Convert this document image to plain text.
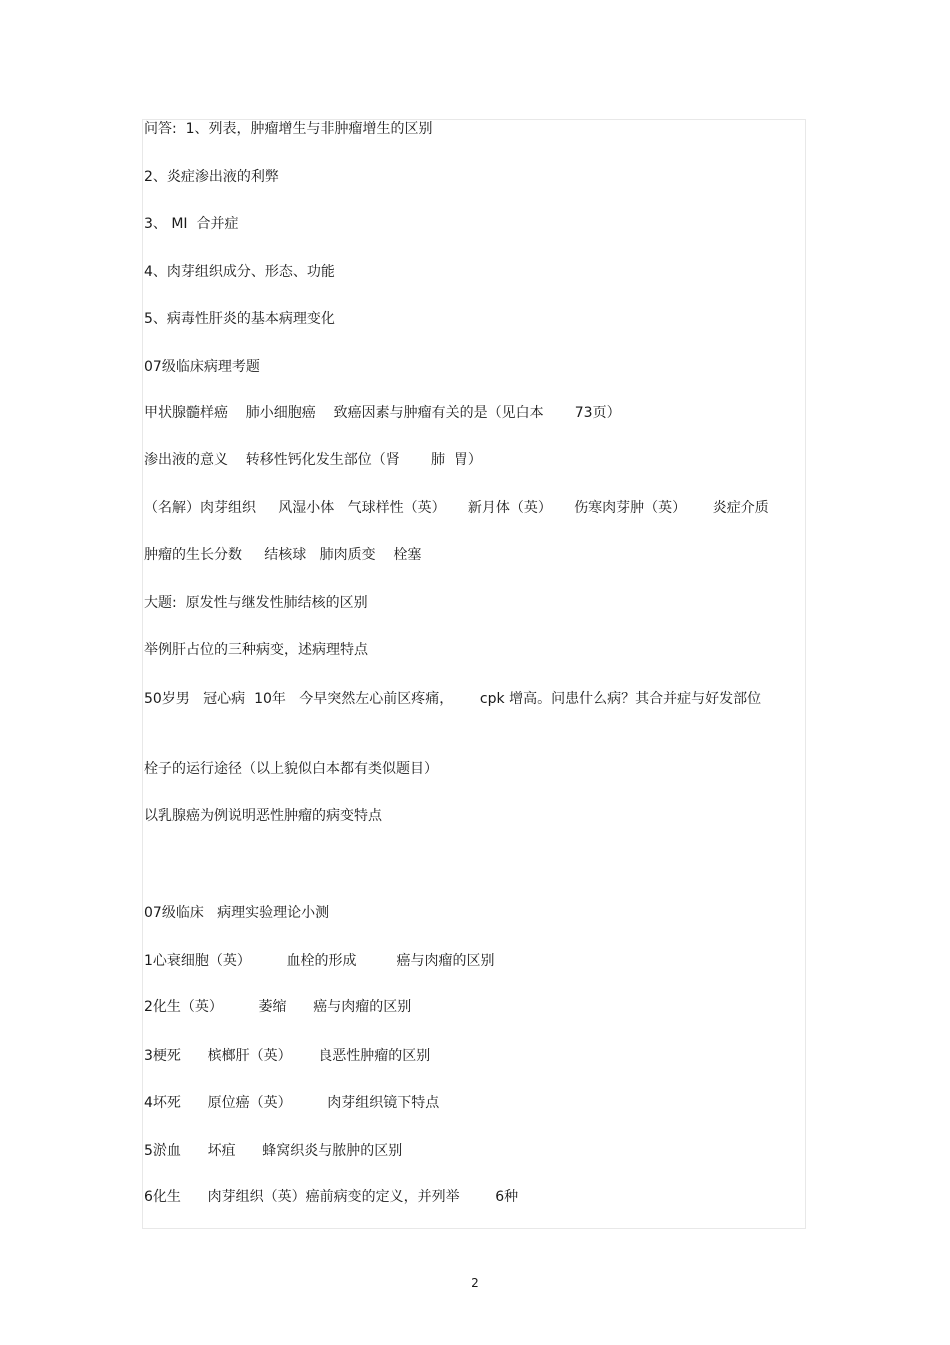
问答:  1、列表，肿瘤增生与非肿瘤增生的区别
2、炎症渗出液的利弊
3、 MI  合并症
4、肉芽组织成分、形态、功能
5、病毒性肝炎的基本病理变化
07级临床病理考题
甲状腺髓样癌    肺小细胞癌    致癌因素与肿瘤有关的是（见白本       73页）
渗出液的意义    转移性钙化发生部位（肾       肺  胃）
（名解）肉芽组织     风湿小体   气球样性（英）     新月体（英）     伤寒肉芽肿（英）      炎症介质
肿瘤的生长分数     结核球   肺肉质变    栓塞
大题:  原发性与继发性肺结核的区别
举例肝占位的三种病变，述病理特点
50岁男   冠心病  10年   今早突然左心前区疼痛，      cpk 增高。问患什么病？其合并症与好发部位
栓子的运行途径（以上貌似白本都有类似题目）
以乳腺癌为例说明恶性肿瘤的病变特点
07级临床   病理实验理论小测
1心衰细胞（英）        血栓的形成         癌与肉瘤的区别
2化生（英）        萎缩      癌与肉瘤的区别
3梗死      槟榔肝（英）      良恶性肿瘤的区别
4坏死      原位癌（英）        肉芽组织镜下特点
5淤血      坏疽      蜂窝织炎与脓肿的区别
6化生      肉芽组织（英）癌前病变的定义，并列举        6种
2
